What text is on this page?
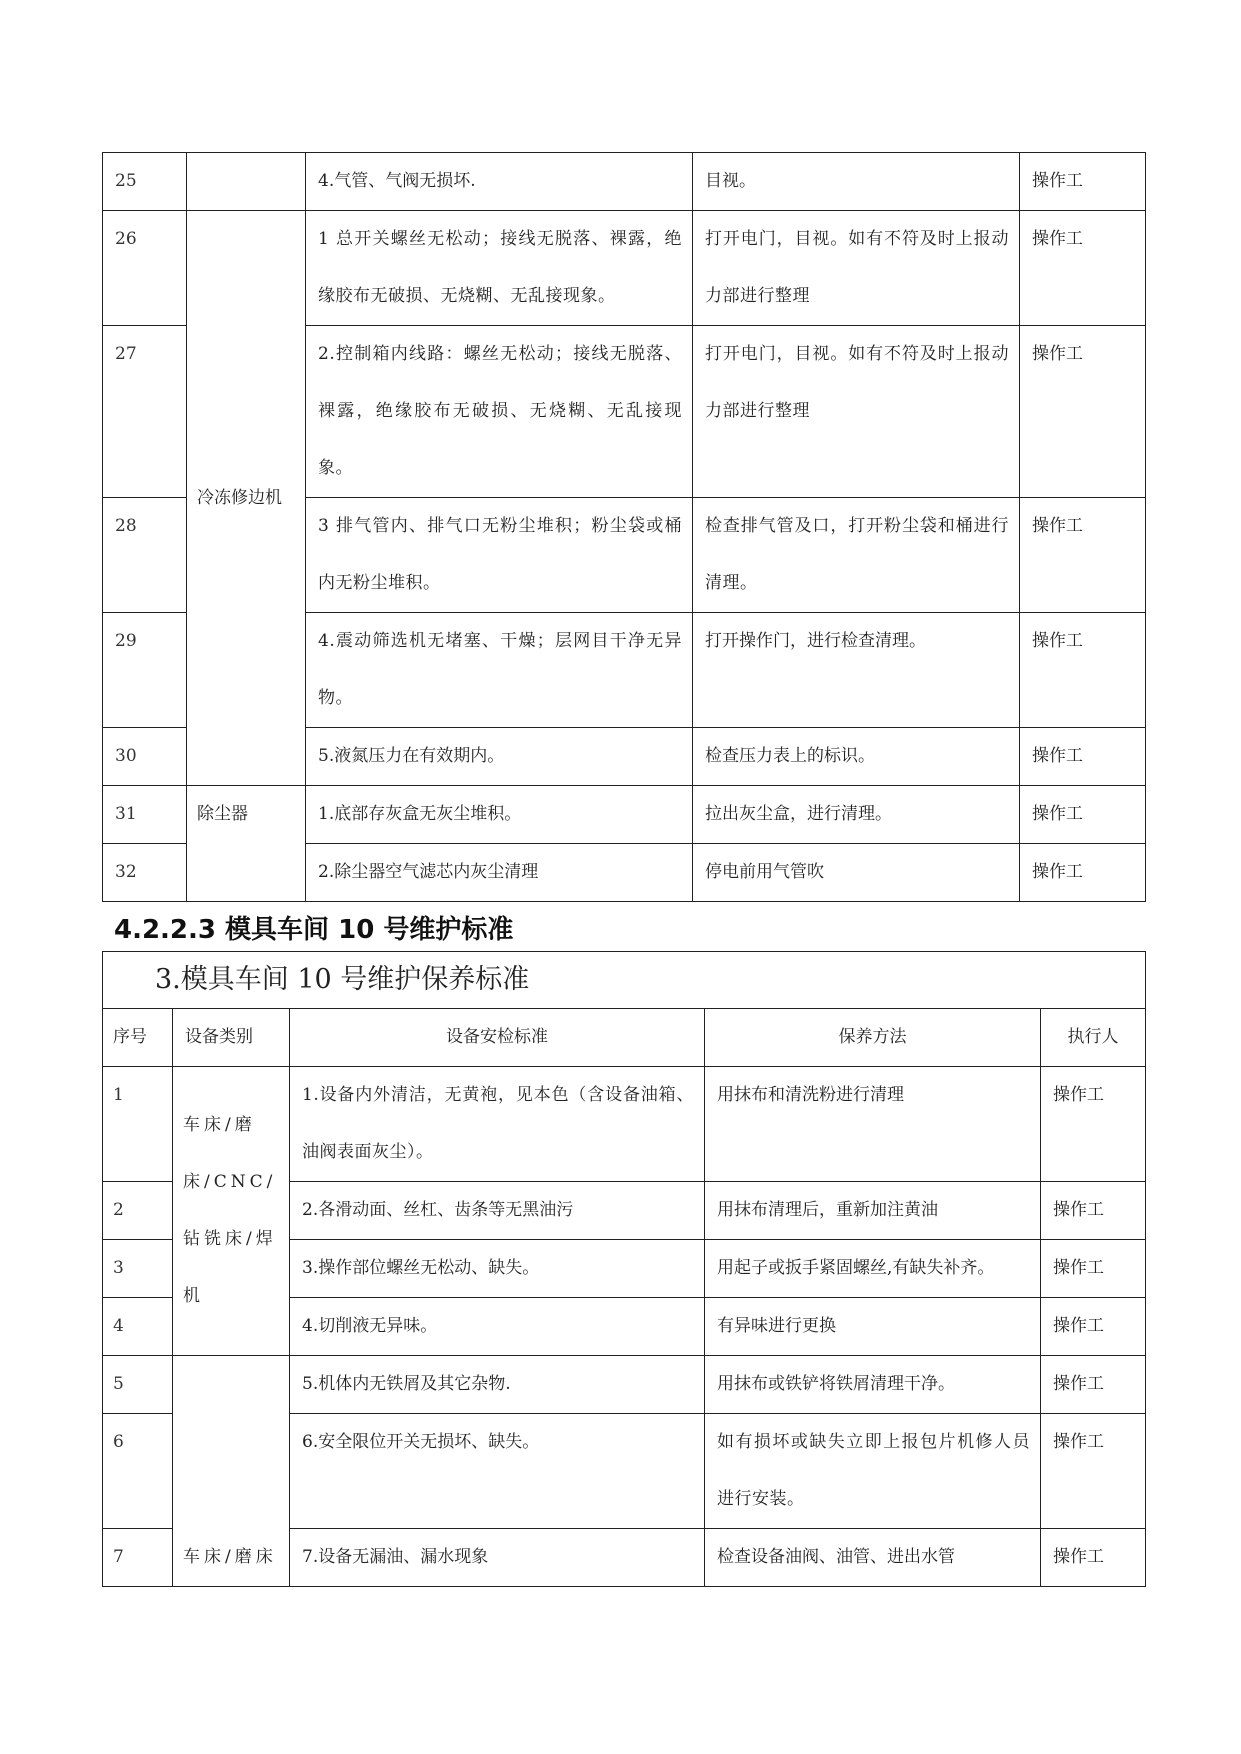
25		4.气管、气阀无损坏.	目视。	操作工
26	冷冻修边机	1 总开关螺丝无松动；接线无脱落、裸露，绝缘胶布无破损、无烧糊、无乱接现象。	打开电门，目视。如有不符及时上报动力部进行整理	操作工
27		2.控制箱内线路：螺丝无松动；接线无脱落、裸露，绝缘胶布无破损、无烧糊、无乱接现象。	打开电门，目视。如有不符及时上报动力部进行整理	操作工
28		3 排气管内、排气口无粉尘堆积；粉尘袋或桶内无粉尘堆积。	检查排气管及口，打开粉尘袋和桶进行清理。	操作工
29		4.震动筛选机无堵塞、干燥；层网目干净无异物。	打开操作门，进行检查清理。	操作工
30		5.液氮压力在有效期内。	检查压力表上的标识。	操作工
31	除尘器	1.底部存灰盒无灰尘堆积。	拉出灰尘盒，进行清理。	操作工
32		2.除尘器空气滤芯内灰尘清理	停电前用气管吹	操作工
4.2.2.3 模具车间 10 号维护标准
3.模具车间 10 号维护保养标准				
序号	设备类别	设备安检标准	保养方法	执行人
1	车床/磨床/CNC/钻铣床/焊机	1.设备内外清洁，无黄袍，见本色（含设备油箱、油阀表面灰尘）。	用抹布和清洗粉进行清理	操作工
2		2.各滑动面、丝杠、齿条等无黑油污	用抹布清理后，重新加注黄油	操作工
3		3.操作部位螺丝无松动、缺失。	用起子或扳手紧固螺丝,有缺失补齐。	操作工
4		4.切削液无异味。	有异味进行更换	操作工
5	车床/磨床	5.机体内无铁屑及其它杂物.	用抹布或铁铲将铁屑清理干净。	操作工
6		6.安全限位开关无损坏、缺失。	如有损坏或缺失立即上报包片机修人员进行安装。	操作工
7		7.设备无漏油、漏水现象	检查设备油阀、油管、进出水管	操作工
